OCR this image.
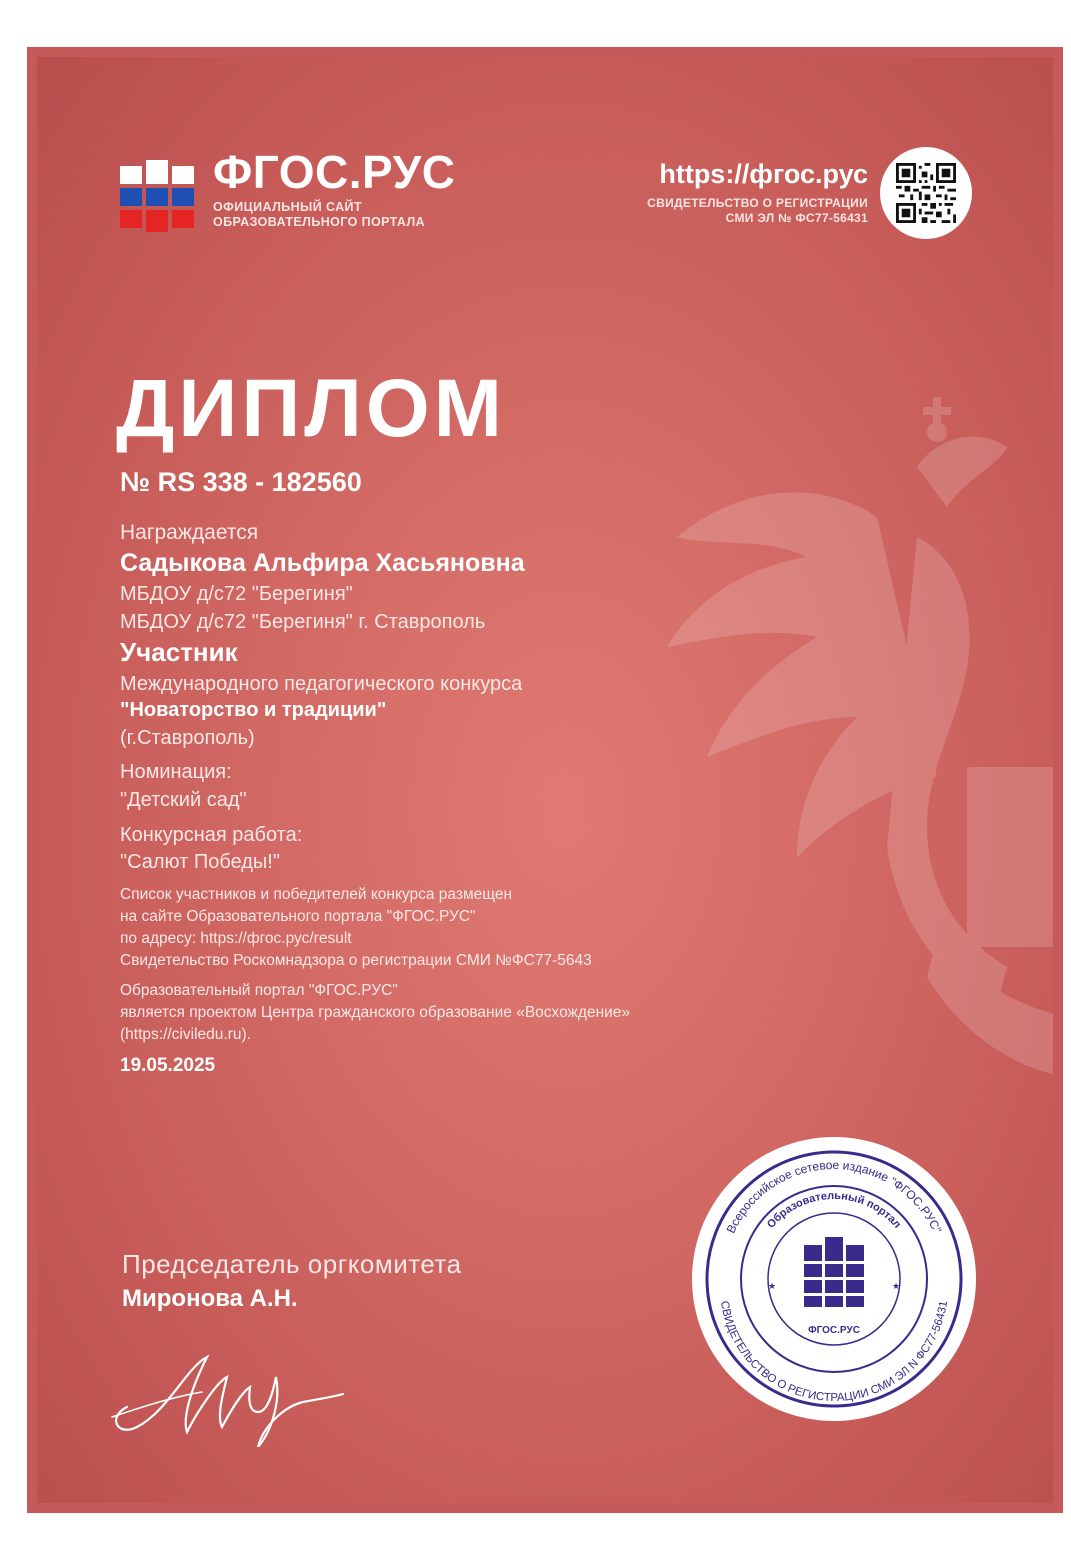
ФГОС.РУС
ОФИЦИАЛЬНЫЙ САЙТ
ОБРАЗОВАТЕЛЬНОГО ПОРТАЛА
https://фгос.рус
СВИДЕТЕЛЬСТВО О РЕГИСТРАЦИИ
СМИ ЭЛ № ФС77-56431
ДИПЛОМ
№ RS 338 - 182560
Награждается
Садыкова Альфира Хасьяновна
МБДОУ д/с72 "Берегиня"
МБДОУ д/с72 "Берегиня" г. Ставрополь
Участник
Международного педагогического конкурса
"Новаторство и традиции"
(г.Ставрополь)
Номинация:
"Детский сад"
Конкурсная работа:
"Салют Победы!"
Список участников и победителей конкурса размещен
на сайте Образовательного портала "ФГОС.РУС"
по адресу: https://фгос.рус/result
Свидетельство Роскомнадзора о регистрации СМИ №ФС77-5643
Образовательный портал "ФГОС.РУС"
является проектом Центра гражданского образование «Восхождение»
(https://civiledu.ru).
19.05.2025
Председатель оргкомитета
Миронова А.Н.
Всероссийское сетевое издание "ФГОС.РУС"
СВИДЕТЕЛЬСТВО О РЕГИСТРАЦИИ СМИ ЭЛ N ФС77-56431
Образовательный портал
ФГОС.РУС
★	★
